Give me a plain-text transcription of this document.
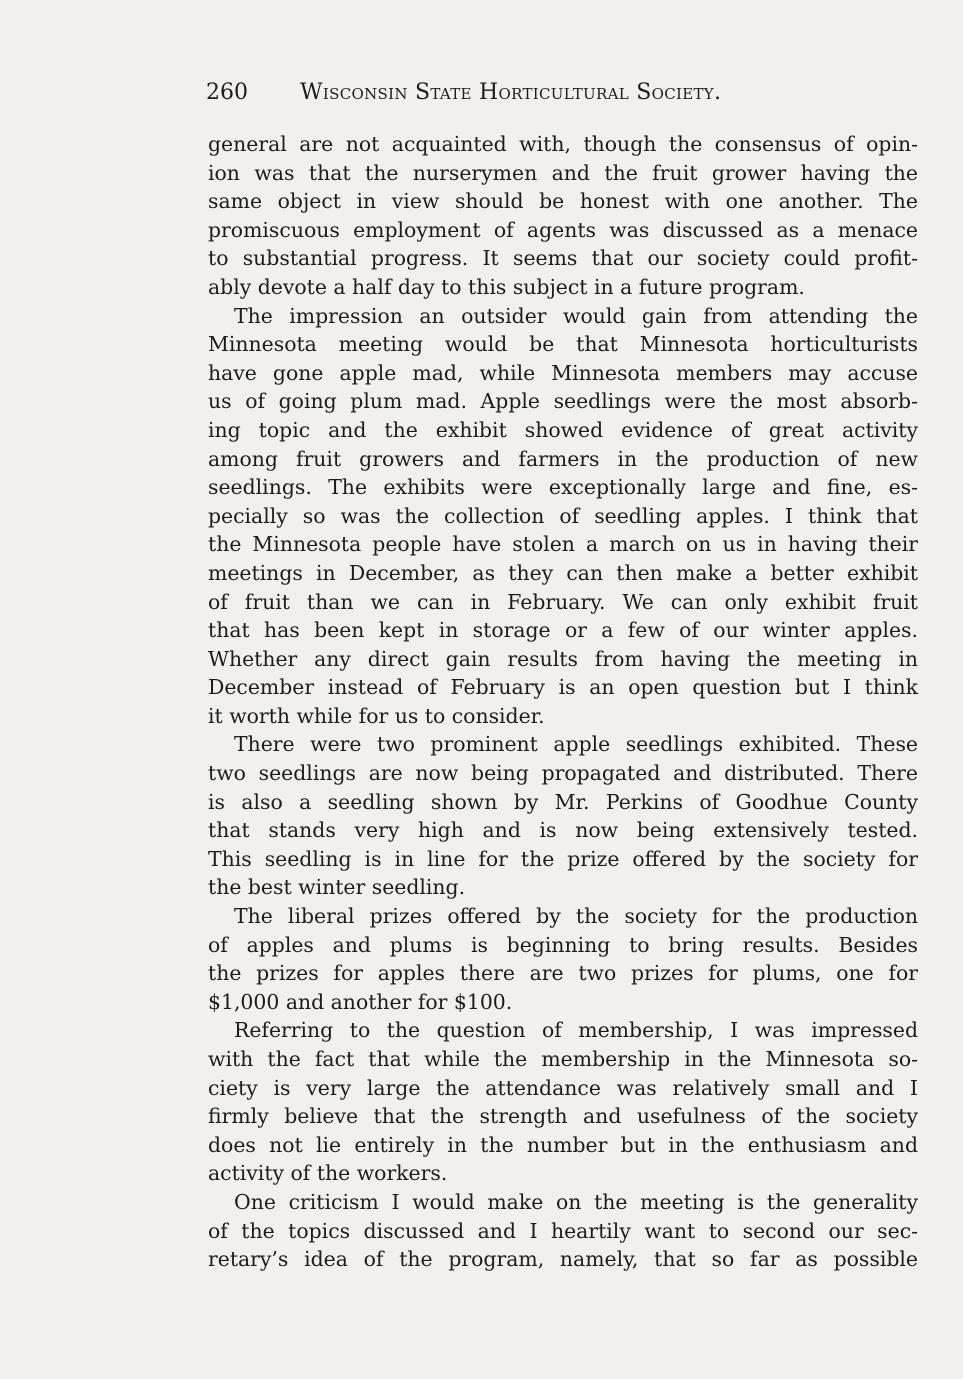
260 Wisconsin State Horticultural Society.
general are not acquainted with, though the consensus of opin-
ion was that the nurserymen and the fruit grower having the
same object in view should be honest with one another. The
promiscuous employment of agents was discussed as a menace
to substantial progress. It seems that our society could profit-
ably devote a half day to this subject in a future program.
The impression an outsider would gain from attending the
Minnesota meeting would be that Minnesota horticulturists
have gone apple mad, while Minnesota members may accuse
us of going plum mad. Apple seedlings were the most absorb-
ing topic and the exhibit showed evidence of great activity
among fruit growers and farmers in the production of new
seedlings. The exhibits were exceptionally large and fine, es-
pecially so was the collection of seedling apples. I think that
the Minnesota people have stolen a march on us in having their
meetings in December, as they can then make a better exhibit
of fruit than we can in February. We can only exhibit fruit
that has been kept in storage or a few of our winter apples.
Whether any direct gain results from having the meeting in
December instead of February is an open question but I think
it worth while for us to consider.
There were two prominent apple seedlings exhibited. These
two seedlings are now being propagated and distributed. There
is also a seedling shown by Mr. Perkins of Goodhue County
that stands very high and is now being extensively tested.
This seedling is in line for the prize offered by the society for
the best winter seedling.
The liberal prizes offered by the society for the production
of apples and plums is beginning to bring results. Besides
the prizes for apples there are two prizes for plums, one for
$1,000 and another for $100.
Referring to the question of membership, I was impressed
with the fact that while the membership in the Minnesota so-
ciety is very large the attendance was relatively small and I
firmly believe that the strength and usefulness of the society
does not lie entirely in the number but in the enthusiasm and
activity of the workers.
One criticism I would make on the meeting is the generality
of the topics discussed and I heartily want to second our sec-
retary’s idea of the program, namely, that so far as possible
